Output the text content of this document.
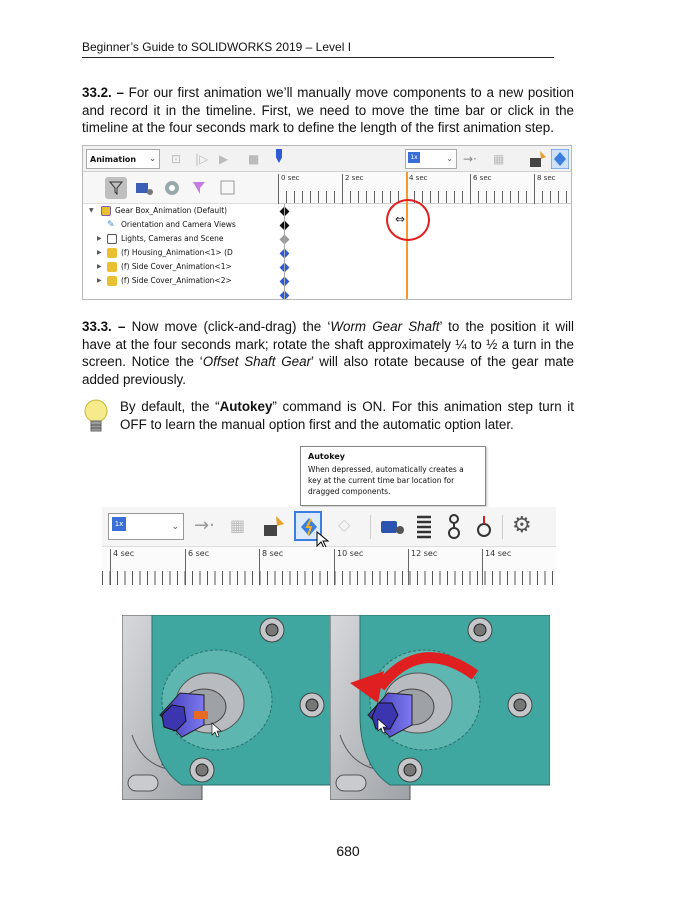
Beginner’s Guide to SOLIDWORKS 2019 – Level I
33.2. – For our first animation we’ll manually move components to a new position and record it in the timeline. First, we need to move the time bar or click in the timeline at the four seconds mark to define the length of the first animation step.
Animation ⌄ ⊡ |▷ ▶ ■	1x	⌄ →· ▦
0 sec	2 sec	4 sec	6 sec	8 sec
▼	Gear Box_Animation (Default)
✎ Orientation and Camera Views
▶	Lights, Cameras and Scene
▶	(f) Housing_Animation<1> (D
▶	(f) Side Cover_Animation<1>
▶	(f) Side Cover_Animation<2>
⇔
33.3. – Now move (click-and-drag) the ‘Worm Gear Shaft’ to the position it will have at the four seconds mark; rotate the shaft approximately ¼ to ½ a turn in the screen. Notice the ‘Offset Shaft Gear’ will also rotate because of the gear mate added previously.
By default, the “Autokey” command is ON. For this animation step turn it OFF to learn the manual option first and the automatic option later.
Autokey
When depressed, automatically creates a key at the current time bar location for dragged components.
1x	⌄ →· ▦	◇	⚙
4 sec	6 sec	8 sec	10 sec	12 sec	14 sec
680
